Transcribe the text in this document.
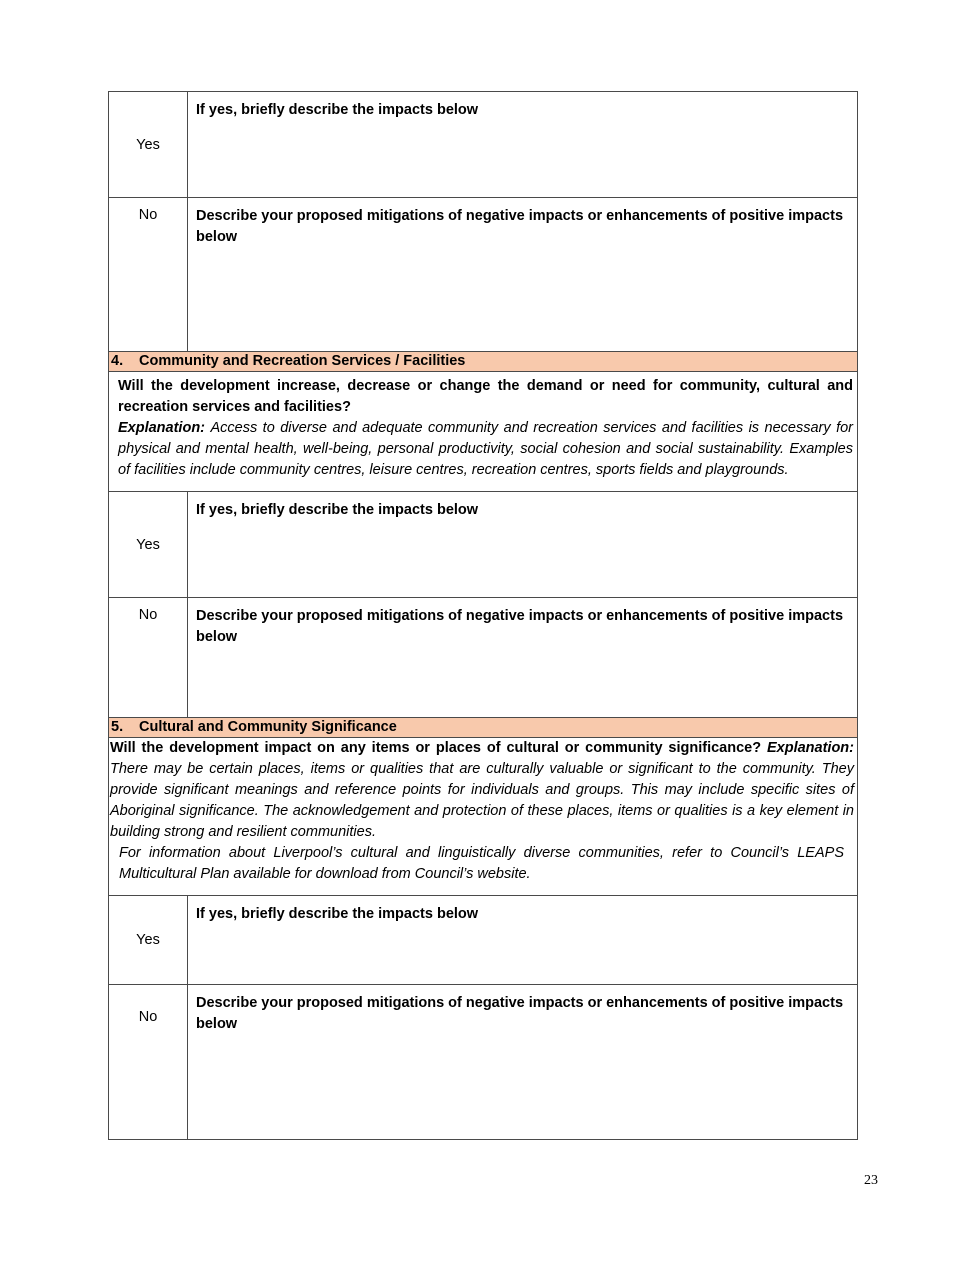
Yes	If yes, briefly describe the impacts below

No	Describe your proposed mitigations of negative impacts or enhancements of positive impacts below
4. Community and Recreation Services / Facilities	
Will the development increase, decrease or change the demand or need for community, cultural and recreation services and facilities?
Explanation: Access to diverse and adequate community and recreation services and facilities is necessary for physical and mental health, well-being, personal productivity, social cohesion and social sustainability. Examples of facilities include community centres, leisure centres, recreation centres, sports fields and playgrounds.	
Yes	If yes, briefly describe the impacts below

No	Describe your proposed mitigations of negative impacts or enhancements of positive impacts below
5. Cultural and Community Significance	
Will the development impact on any items or places of cultural or community significance? Explanation: There may be certain places, items or qualities that are culturally valuable or significant to the community. They provide significant meanings and reference points for individuals and groups. This may include specific sites of Aboriginal significance. The acknowledgement and protection of these places, items or qualities is a key element in building strong and resilient communities.
For information about Liverpool’s cultural and linguistically diverse communities, refer to Council’s LEAPS Multicultural Plan available for download from Council’s website.	

Yes	If yes, briefly describe the impacts below

No	Describe your proposed mitigations of negative impacts or enhancements of positive impacts below
23
